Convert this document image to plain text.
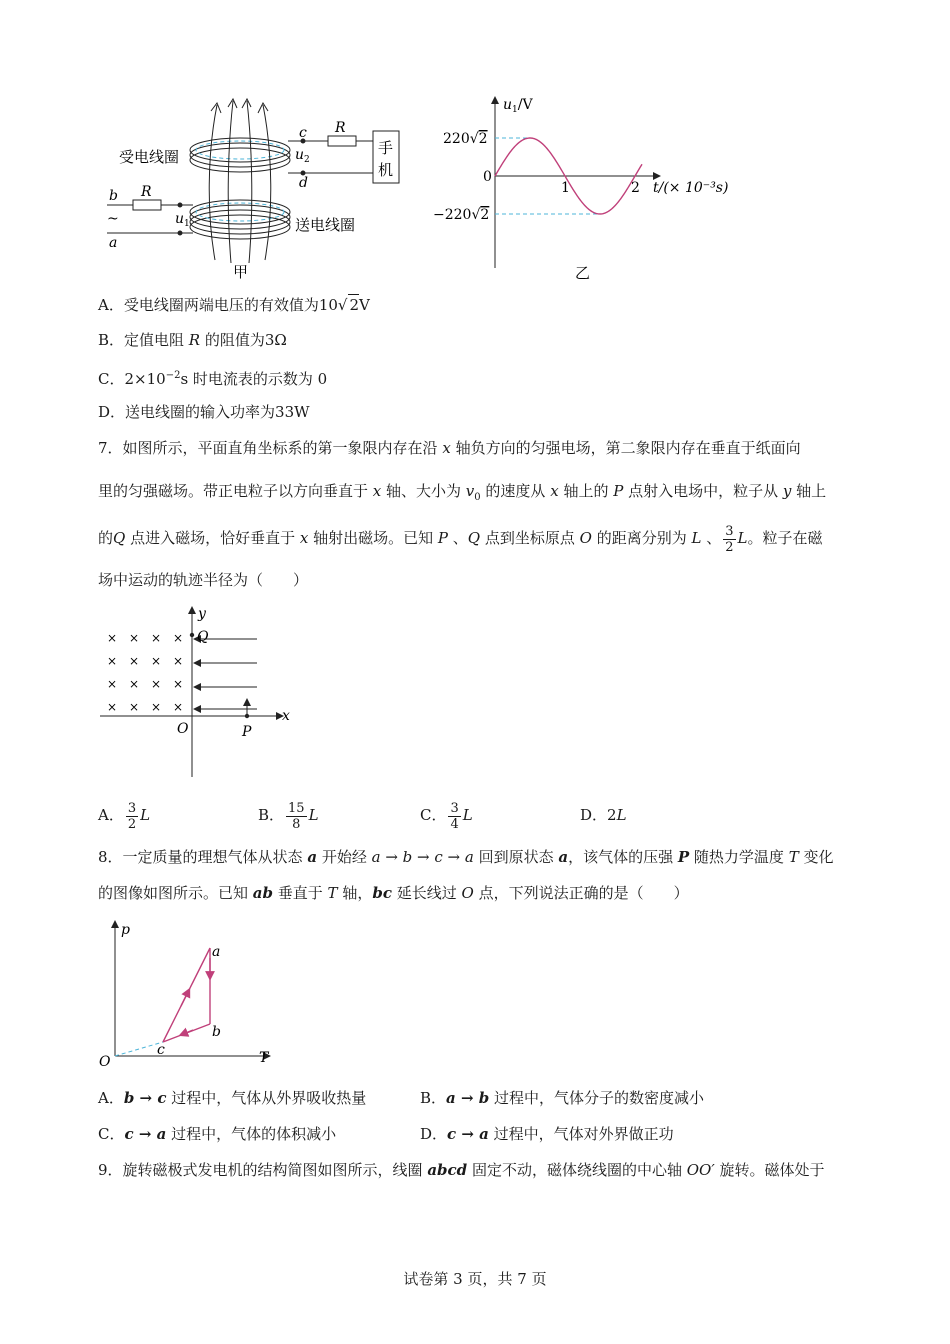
受电线圈
送电线圈
R
R
c
d
$u_2$
$u_1$
b
a
~
手
机
甲
$u_1/V$
t/(× 10⁻³s)
0
1	2
220√2
−220√2
乙
A．受电线圈两端电压的有效值为10√ 2V
B．定值电阻 R 的阻值为3Ω
C．$2\times 10^{-2}s$ 时电流表的示数为 0
D．送电线圈的输入功率为33W
7．如图所示，平面直角坐标系的第一象限内存在沿 x 轴负方向的匀强电场，第二象限内存在垂直于纸面向
里的匀强磁场。带正电粒子以方向垂直于 x 轴、大小为 $v_0$ 的速度从 x 轴上的 P 点射入电场中，粒子从 y 轴上
的Q 点进入磁场，恰好垂直于 x 轴射出磁场。已知 P 、Q 点到坐标原点 O 的距离分别为 L 、 $\frac{3}{2}$ L。粒子在磁
场中运动的轨迹半径为（　　）
× × × ×
× × × ×
× × × ×
× × × ×
y
Q
O	P
x
A． $\frac{3}{2}$ L	B． $\frac{15}{8}$ L	C． $\frac{3}{4}$ L	D．2L
8．一定质量的理想气体从状态 a 开始经 a → b → c → a 回到原状态 a，该气体的压强 P 随热力学温度 T 变化
的图像如图所示。已知 ab 垂直于 T 轴，bc 延长线过 O 点，下列说法正确的是（　　）
p
T
O
a
b
c
A．b → c 过程中，气体从外界吸收热量	B．a → b 过程中，气体分子的数密度减小
C．c → a 过程中，气体的体积减小	D．c → a 过程中，气体对外界做正功
9．旋转磁极式发电机的结构简图如图所示，线圈 abcd 固定不动，磁体绕线圈的中心轴 OO′ 旋转。磁体处于
试卷第 3 页，共 7 页
